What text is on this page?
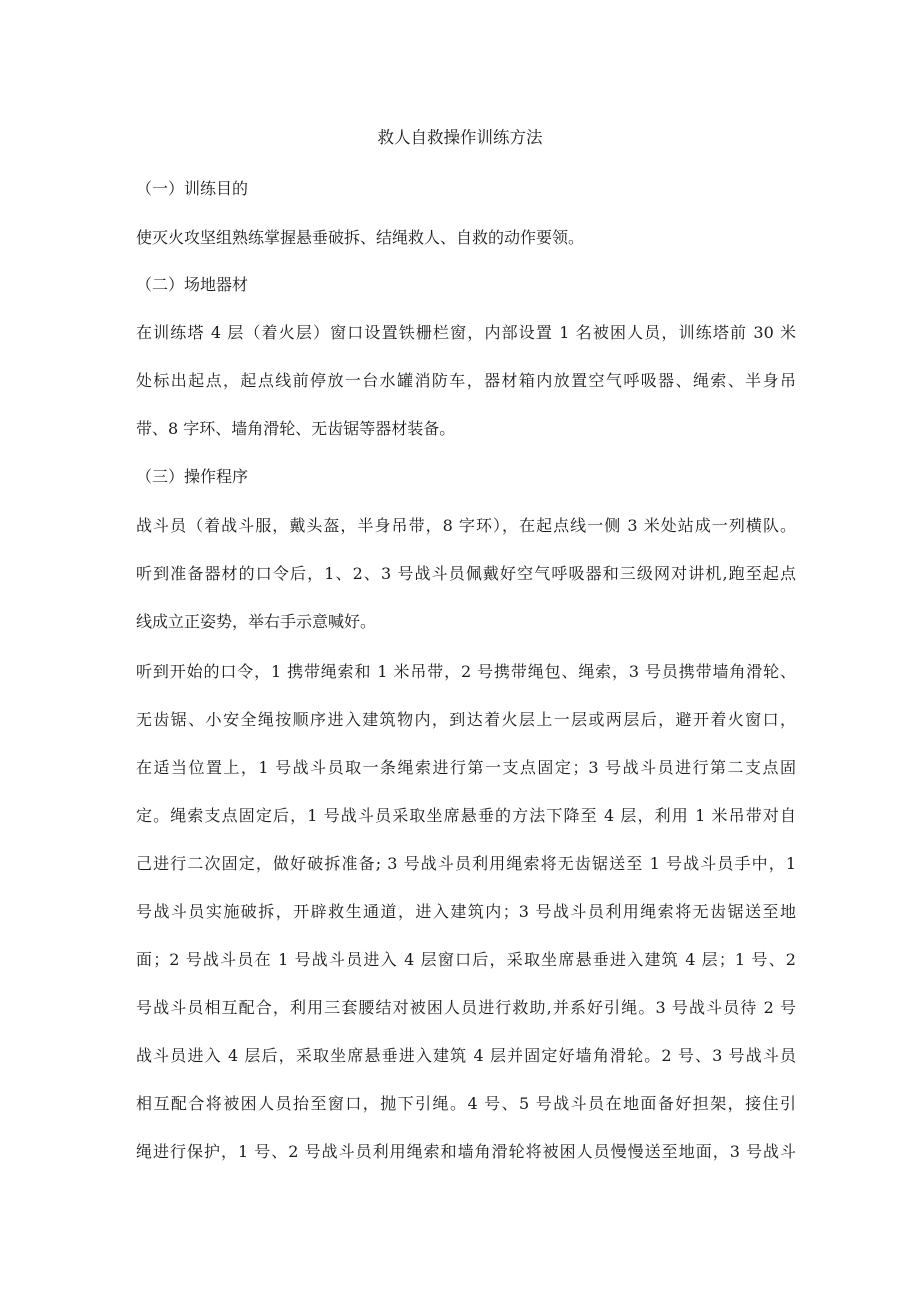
救人自救操作训练方法
（一）训练目的
使灭火攻坚组熟练掌握悬垂破拆、结绳救人、自救的动作要领。
（二）场地器材
在训练塔 4 层（着火层）窗口设置铁栅栏窗，内部设置 1 名被困人员，训练塔前 30 米
处标出起点，起点线前停放一台水罐消防车，器材箱内放置空气呼吸器、绳索、半身吊
带、8 字环、墙角滑轮、无齿锯等器材装备。
（三）操作程序
战斗员（着战斗服，戴头盔，半身吊带，8 字环），在起点线一侧 3 米处站成一列横队。
听到准备器材的口令后，1、2、3 号战斗员佩戴好空气呼吸器和三级网对讲机,跑至起点
线成立正姿势，举右手示意喊好。
听到开始的口令，1 携带绳索和 1 米吊带，2 号携带绳包、绳索，3 号员携带墙角滑轮、
无齿锯、小安全绳按顺序进入建筑物内，到达着火层上一层或两层后，避开着火窗口，
在适当位置上，1 号战斗员取一条绳索进行第一支点固定；3 号战斗员进行第二支点固
定。绳索支点固定后，1 号战斗员采取坐席悬垂的方法下降至 4 层，利用 1 米吊带对自
己进行二次固定，做好破拆准备; 3 号战斗员利用绳索将无齿锯送至 1 号战斗员手中，1
号战斗员实施破拆，开辟救生通道，进入建筑内；3 号战斗员利用绳索将无齿锯送至地
面；2 号战斗员在 1 号战斗员进入 4 层窗口后，采取坐席悬垂进入建筑 4 层；1 号、2
号战斗员相互配合，利用三套腰结对被困人员进行救助,并系好引绳。3 号战斗员待 2 号
战斗员进入 4 层后，采取坐席悬垂进入建筑 4 层并固定好墙角滑轮。2 号、3 号战斗员
相互配合将被困人员抬至窗口，抛下引绳。4 号、5 号战斗员在地面备好担架，接住引
绳进行保护，1 号、2 号战斗员利用绳索和墙角滑轮将被困人员慢慢送至地面，3 号战斗
